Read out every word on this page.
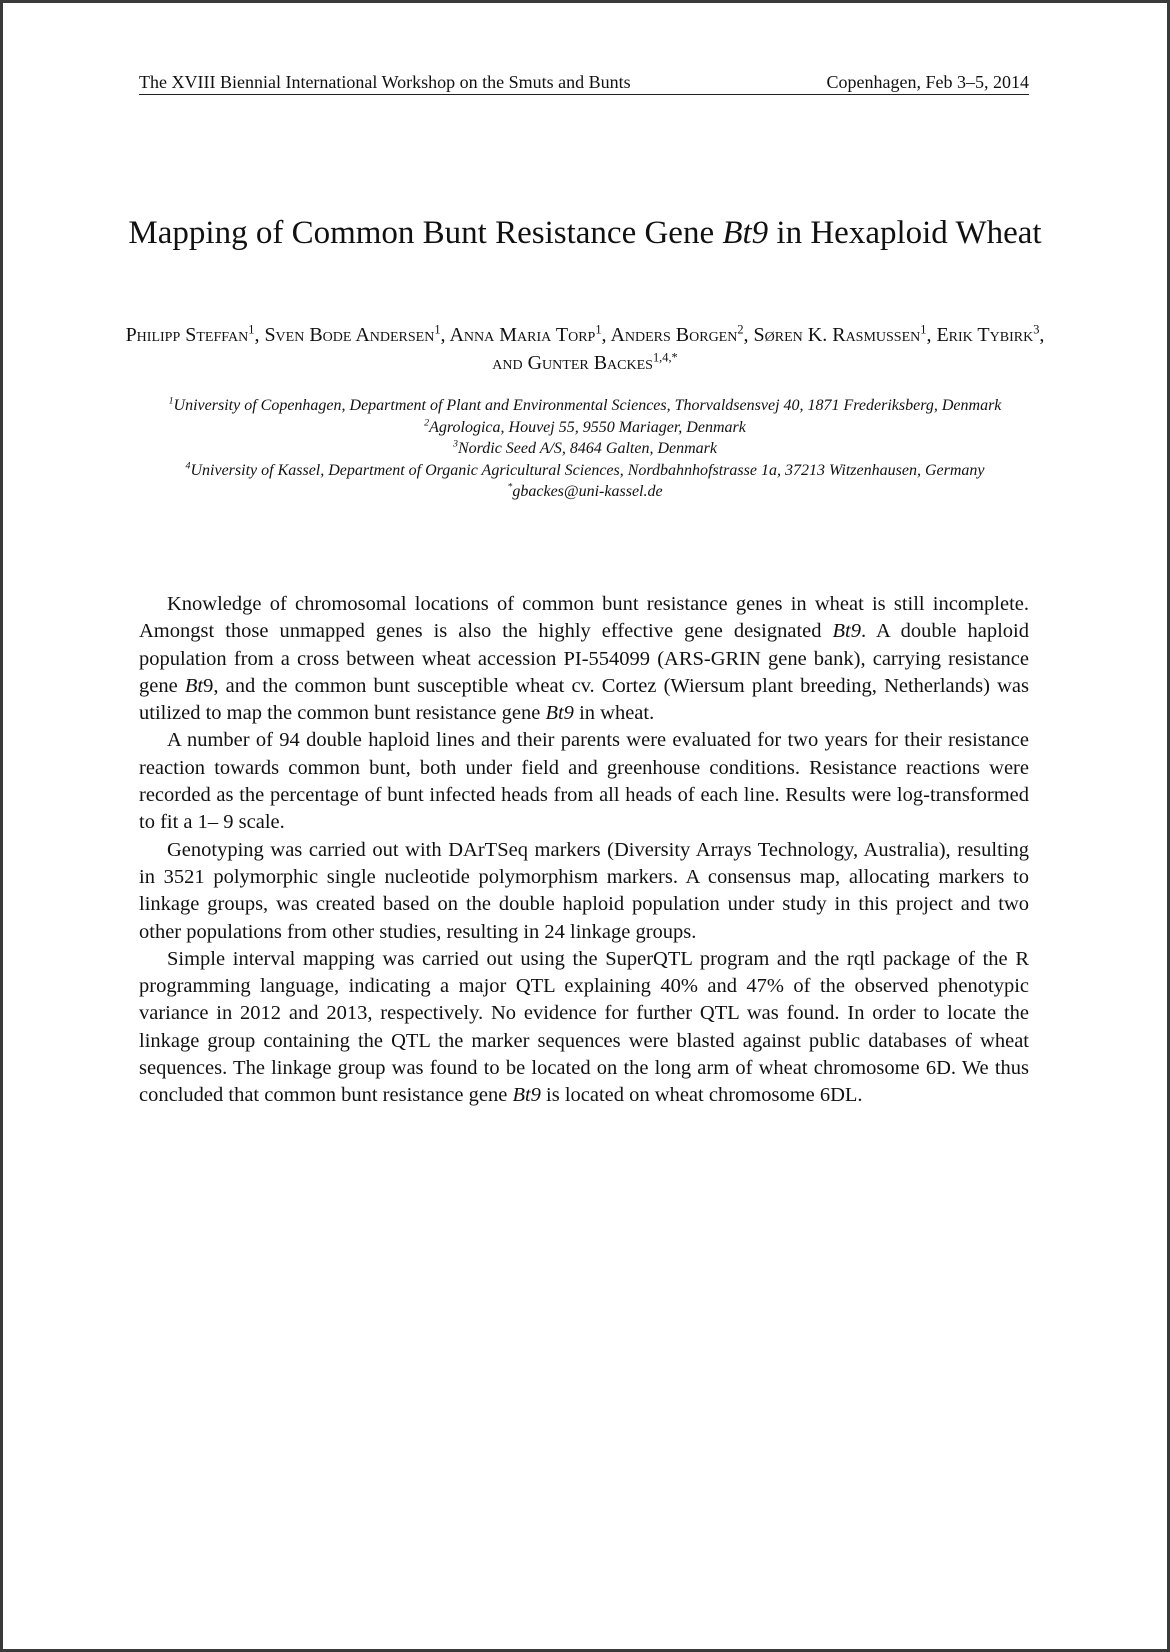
The XVIII Biennial International Workshop on the Smuts and Bunts	Copenhagen, Feb 3–5, 2014
Mapping of Common Bunt Resistance Gene Bt9 in Hexaploid Wheat
Philipp Steffan$^1$, Sven Bode Andersen$^1$, Anna Maria Torp$^1$, Anders Borgen$^2$, Søren K. Rasmussen$^1$, Erik Tybirk$^3$, and Gunter Backes$^{1,4,*}$
$^1$University of Copenhagen, Department of Plant and Environmental Sciences, Thorvaldsensvej 40, 1871 Frederiksberg, Denmark
$^2$Agrologica, Houvej 55, 9550 Mariager, Denmark
$^3$Nordic Seed A/S, 8464 Galten, Denmark
$^4$University of Kassel, Department of Organic Agricultural Sciences, Nordbahnhofstrasse 1a, 37213 Witzenhausen, Germany
*gbackes@uni-kassel.de

Knowledge of chromosomal locations of common bunt resistance genes in wheat is still incomplete. Amongst those unmapped genes is also the highly effective gene designated Bt9. A double haploid population from a cross between wheat accession PI-554099 (ARS-GRIN gene bank), carrying resistance gene Bt9, and the common bunt susceptible wheat cv. Cortez (Wiersum plant breeding, Netherlands) was utilized to map the common bunt resistance gene Bt9 in wheat.

A number of 94 double haploid lines and their parents were evaluated for two years for their resistance reaction towards common bunt, both under field and greenhouse conditions. Resistance reactions were recorded as the percentage of bunt infected heads from all heads of each line. Results were log-transformed to fit a 1– 9 scale.

Genotyping was carried out with DArTSeq markers (Diversity Arrays Technology, Australia), resulting in 3521 polymorphic single nucleotide polymorphism markers. A consensus map, allocating markers to linkage groups, was created based on the double haploid population under study in this project and two other populations from other studies, resulting in 24 linkage groups.

Simple interval mapping was carried out using the SuperQTL program and the rqtl package of the R programming language, indicating a major QTL explaining 40% and 47% of the observed phenotypic variance in 2012 and 2013, respectively. No evidence for further QTL was found. In order to locate the linkage group containing the QTL the marker sequences were blasted against public databases of wheat sequences. The linkage group was found to be located on the long arm of wheat chromosome 6D. We thus concluded that common bunt resistance gene Bt9 is located on wheat chromosome 6DL.
